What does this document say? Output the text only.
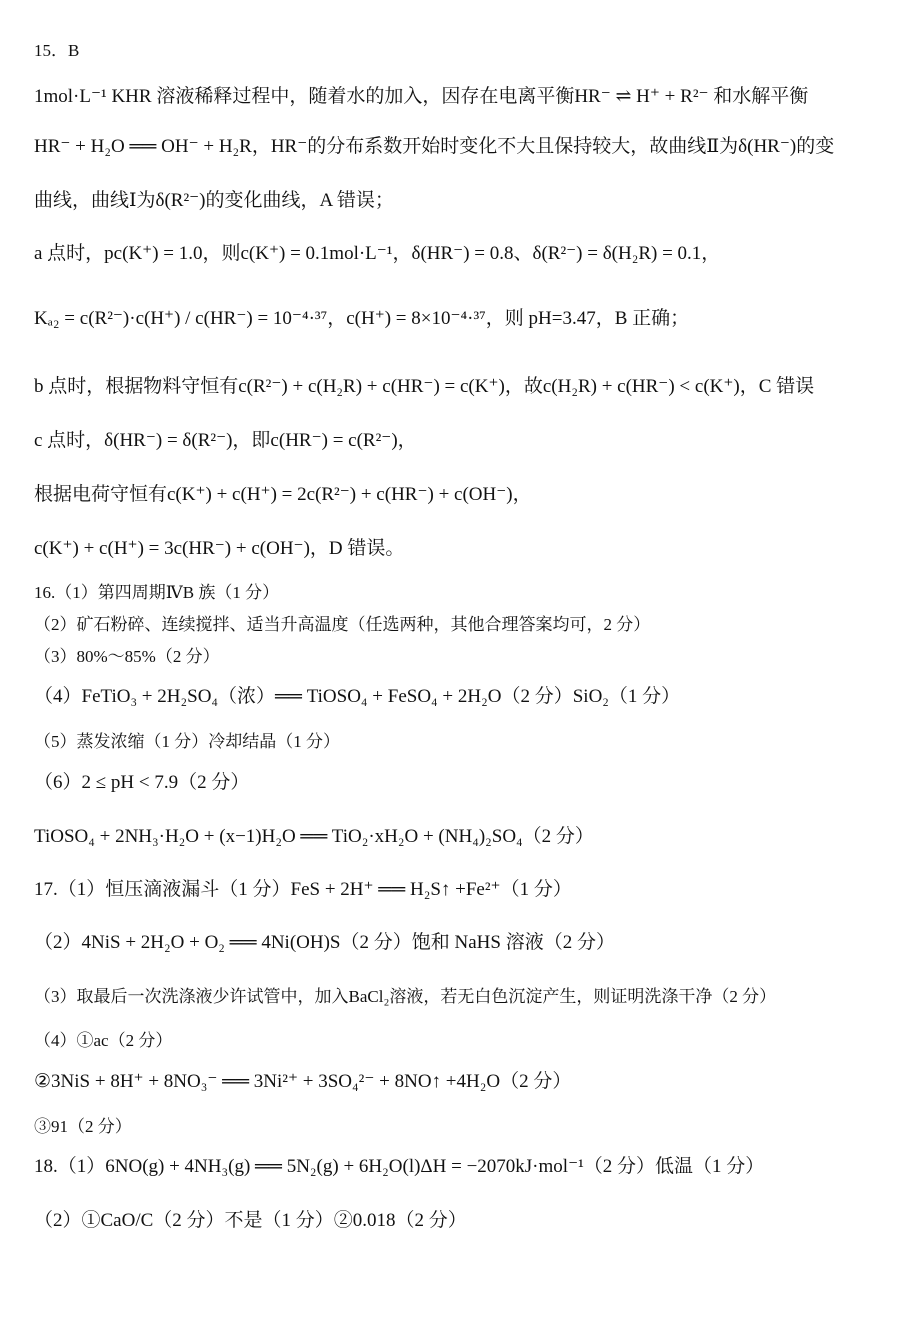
15．B
1mol·L⁻¹ KHR 溶液稀释过程中，随着水的加入，因存在电离平衡HR⁻ ⇌ H⁺ + R²⁻ 和水解平衡
HR⁻ + H₂O ══ OH⁻ + H₂R，HR⁻的分布系数开始时变化不大且保持较大，故曲线Ⅱ为δ(HR⁻)的变
曲线，曲线Ⅰ为δ(R²⁻)的变化曲线，A 错误；
a 点时，pc(K⁺) = 1.0，则c(K⁺) = 0.1mol·L⁻¹，δ(HR⁻) = 0.8、δ(R²⁻) = δ(H₂R) = 0.1，
Kₐ₂ = c(R²⁻)·c(H⁺) / c(HR⁻) = 10⁻⁴·³⁷，c(H⁺) = 8×10⁻⁴·³⁷，则 pH=3.47，B 正确；
b 点时，根据物料守恒有c(R²⁻) + c(H₂R) + c(HR⁻) = c(K⁺)，故c(H₂R) + c(HR⁻) < c(K⁺)，C 错误
c 点时，δ(HR⁻) = δ(R²⁻)，即c(HR⁻) = c(R²⁻)，
根据电荷守恒有c(K⁺) + c(H⁺) = 2c(R²⁻) + c(HR⁻) + c(OH⁻)，
c(K⁺) + c(H⁺) = 3c(HR⁻) + c(OH⁻)，D 错误。
16.（1）第四周期ⅣB 族（1 分）
（2）矿石粉碎、连续搅拌、适当升高温度（任选两种，其他合理答案均可，2 分）
（3）80%～85%（2 分）
（4）FeTiO₃ + 2H₂SO₄（浓）══ TiOSO₄ + FeSO₄ + 2H₂O（2 分）SiO₂（1 分）
（5）蒸发浓缩（1 分）冷却结晶（1 分）
（6）2 ≤ pH < 7.9（2 分）
TiOSO₄ + 2NH₃·H₂O + (x−1)H₂O ══ TiO₂·xH₂O + (NH₄)₂SO₄（2 分）
17.（1）恒压滴液漏斗（1 分）FeS + 2H⁺ ══ H₂S↑ +Fe²⁺（1 分）
（2）4NiS + 2H₂O + O₂ ══ 4Ni(OH)S（2 分）饱和 NaHS 溶液（2 分）
（3）取最后一次洗涤液少许试管中，加入BaCl₂溶液，若无白色沉淀产生，则证明洗涤干净（2 分）
（4）①ac（2 分）
②3NiS + 8H⁺ + 8NO₃⁻ ══ 3Ni²⁺ + 3SO₄²⁻ + 8NO↑ +4H₂O（2 分）
③91（2 分）
18.（1）6NO(g) + 4NH₃(g) ══ 5N₂(g) + 6H₂O(l)ΔH = −2070kJ·mol⁻¹（2 分）低温（1 分）
（2）①CaO/C（2 分）不是（1 分）②0.018（2 分）
